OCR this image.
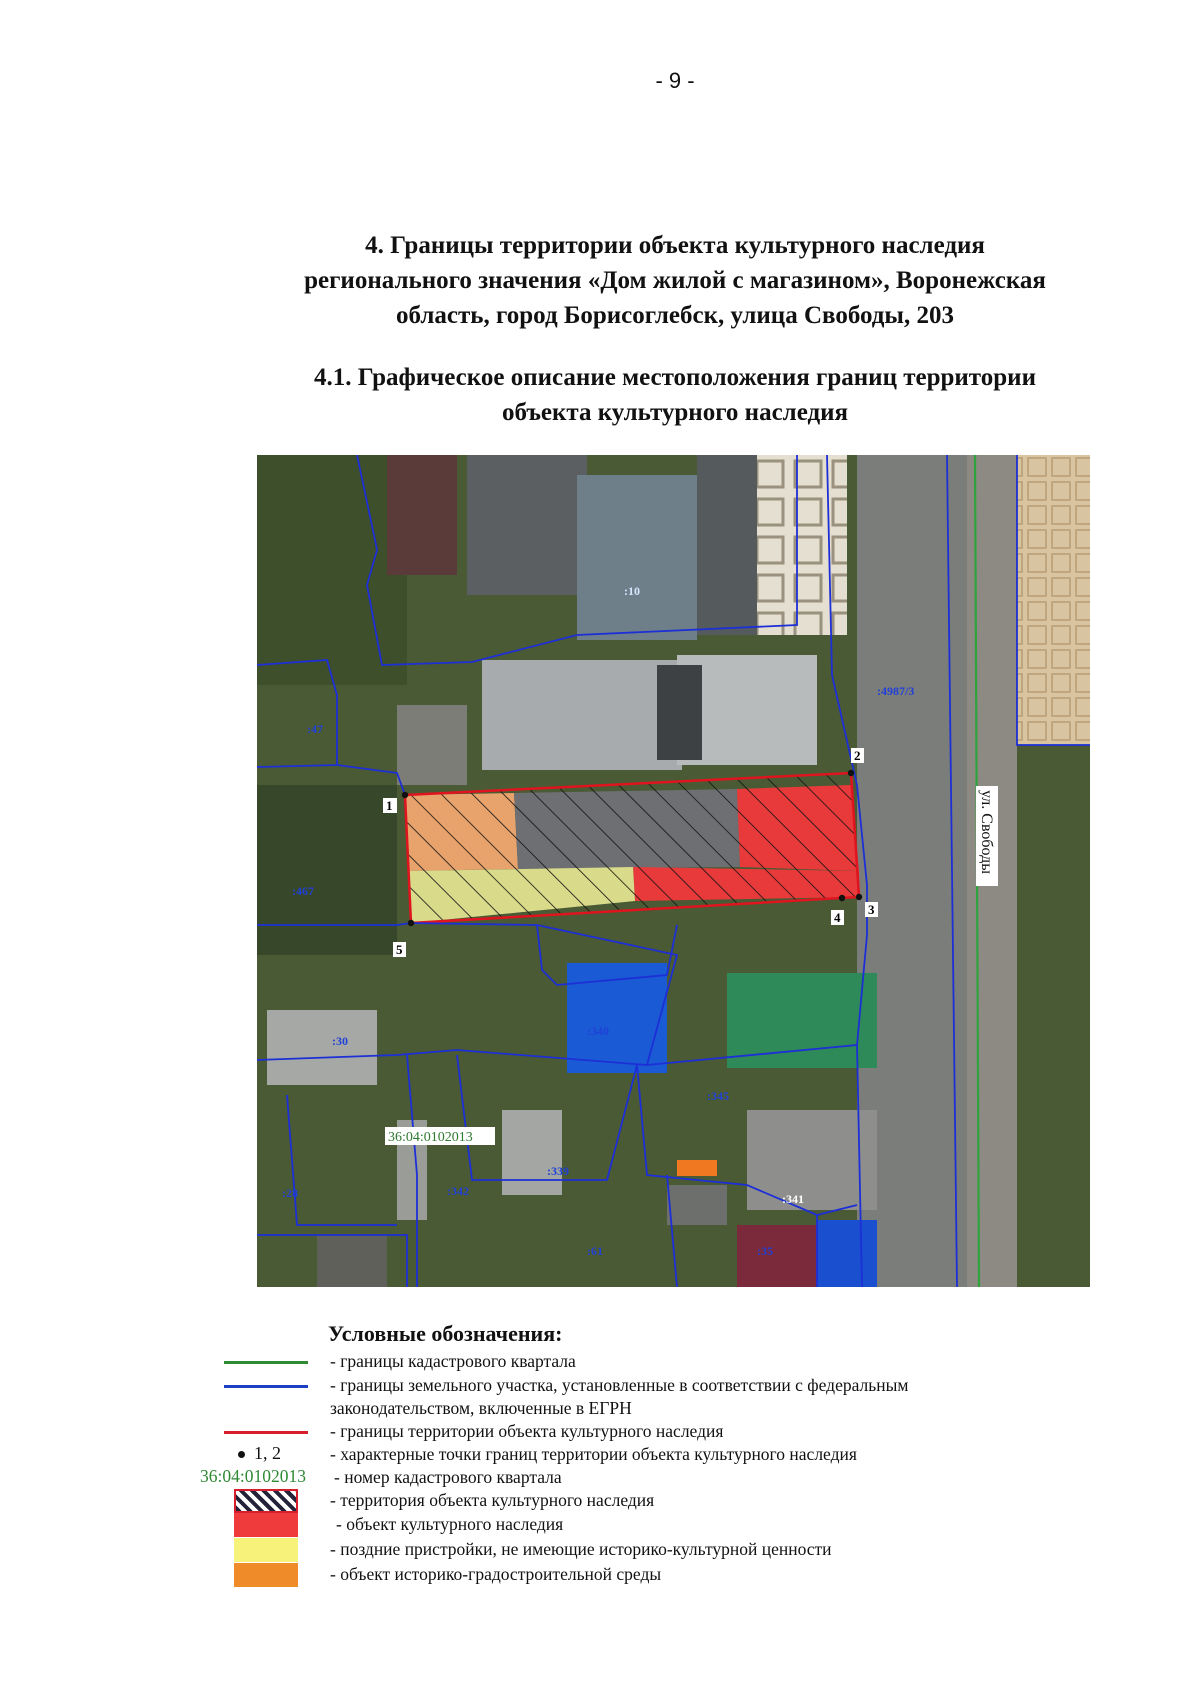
- 9 -
4. Границы территории объекта культурного наследия
регионального значения «Дом жилой с магазином», Воронежская
область, город Борисоглебск, улица Свободы, 203
4.1. Графическое описание местоположения границ территории
объекта культурного наследия
1
2
3
4
5
:10
:4987/3
:47
:467
:30
:340
:345
:339
:341
:342
:28
:61	:35
36:04:0102013
ул. Свободы
Условные обозначения:
- границы кадастрового квартала
- границы земельного участка, установленные в соответствии с федеральным
законодательством, включенные в ЕГРН
- границы территории объекта культурного наследия
1, 2	- характерные точки границ территории объекта культурного наследия
36:04:0102013 - номер кадастрового квартала
- территория объекта культурного наследия
- объект культурного наследия
- поздние пристройки, не имеющие историко-культурной ценности
- объект историко-градостроительной среды
